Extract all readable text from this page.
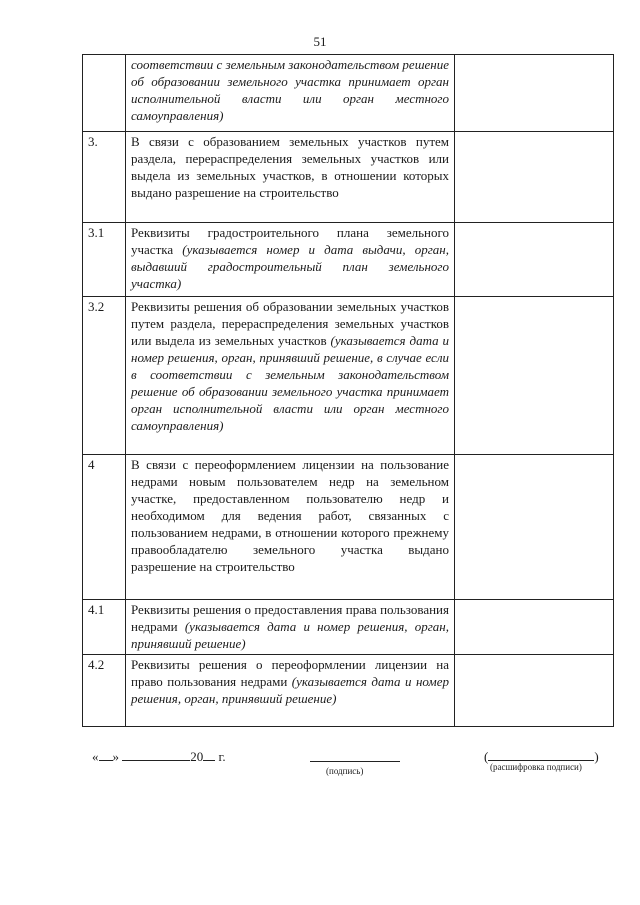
51
	соответствии с земельным законодательством решение об образовании земельного участка принимает орган исполнительной власти или орган местного самоуправления)	
3.	В связи с образованием земельных участков путем раздела, перераспределения земельных участков или выдела из земельных участков, в отношении которых выдано разрешение на строительство	
3.1	Реквизиты градостроительного плана земельного участка (указывается номер и дата выдачи, орган, выдавший градостроительный план земельного участка)	
3.2	Реквизиты решения об образовании земельных участков путем раздела, перераспределения земельных участков или выдела из земельных участков (указывается дата и номер решения, орган, принявший решение, в случае если в соответствии с земельным законодательством решение об образовании земельного участка принимает орган исполнительной власти или орган местного самоуправления)	
4	В связи с переоформлением лицензии на пользование недрами новым пользователем недр на земельном участке, предоставленном пользователю недр и необходимом для ведения работ, связанных с пользованием недрами, в отношении которого прежнему правообладателю земельного участка выдано разрешение на строительство	
4.1	Реквизиты решения о предоставления права пользования недрами (указывается дата и номер решения, орган, принявший решение)	
4.2	Реквизиты решения о переоформлении лицензии на право пользования недрами (указывается дата и номер решения, орган, принявший решение)	
« »	20 г.
(подпись)
(	)
(расшифровка подписи)
